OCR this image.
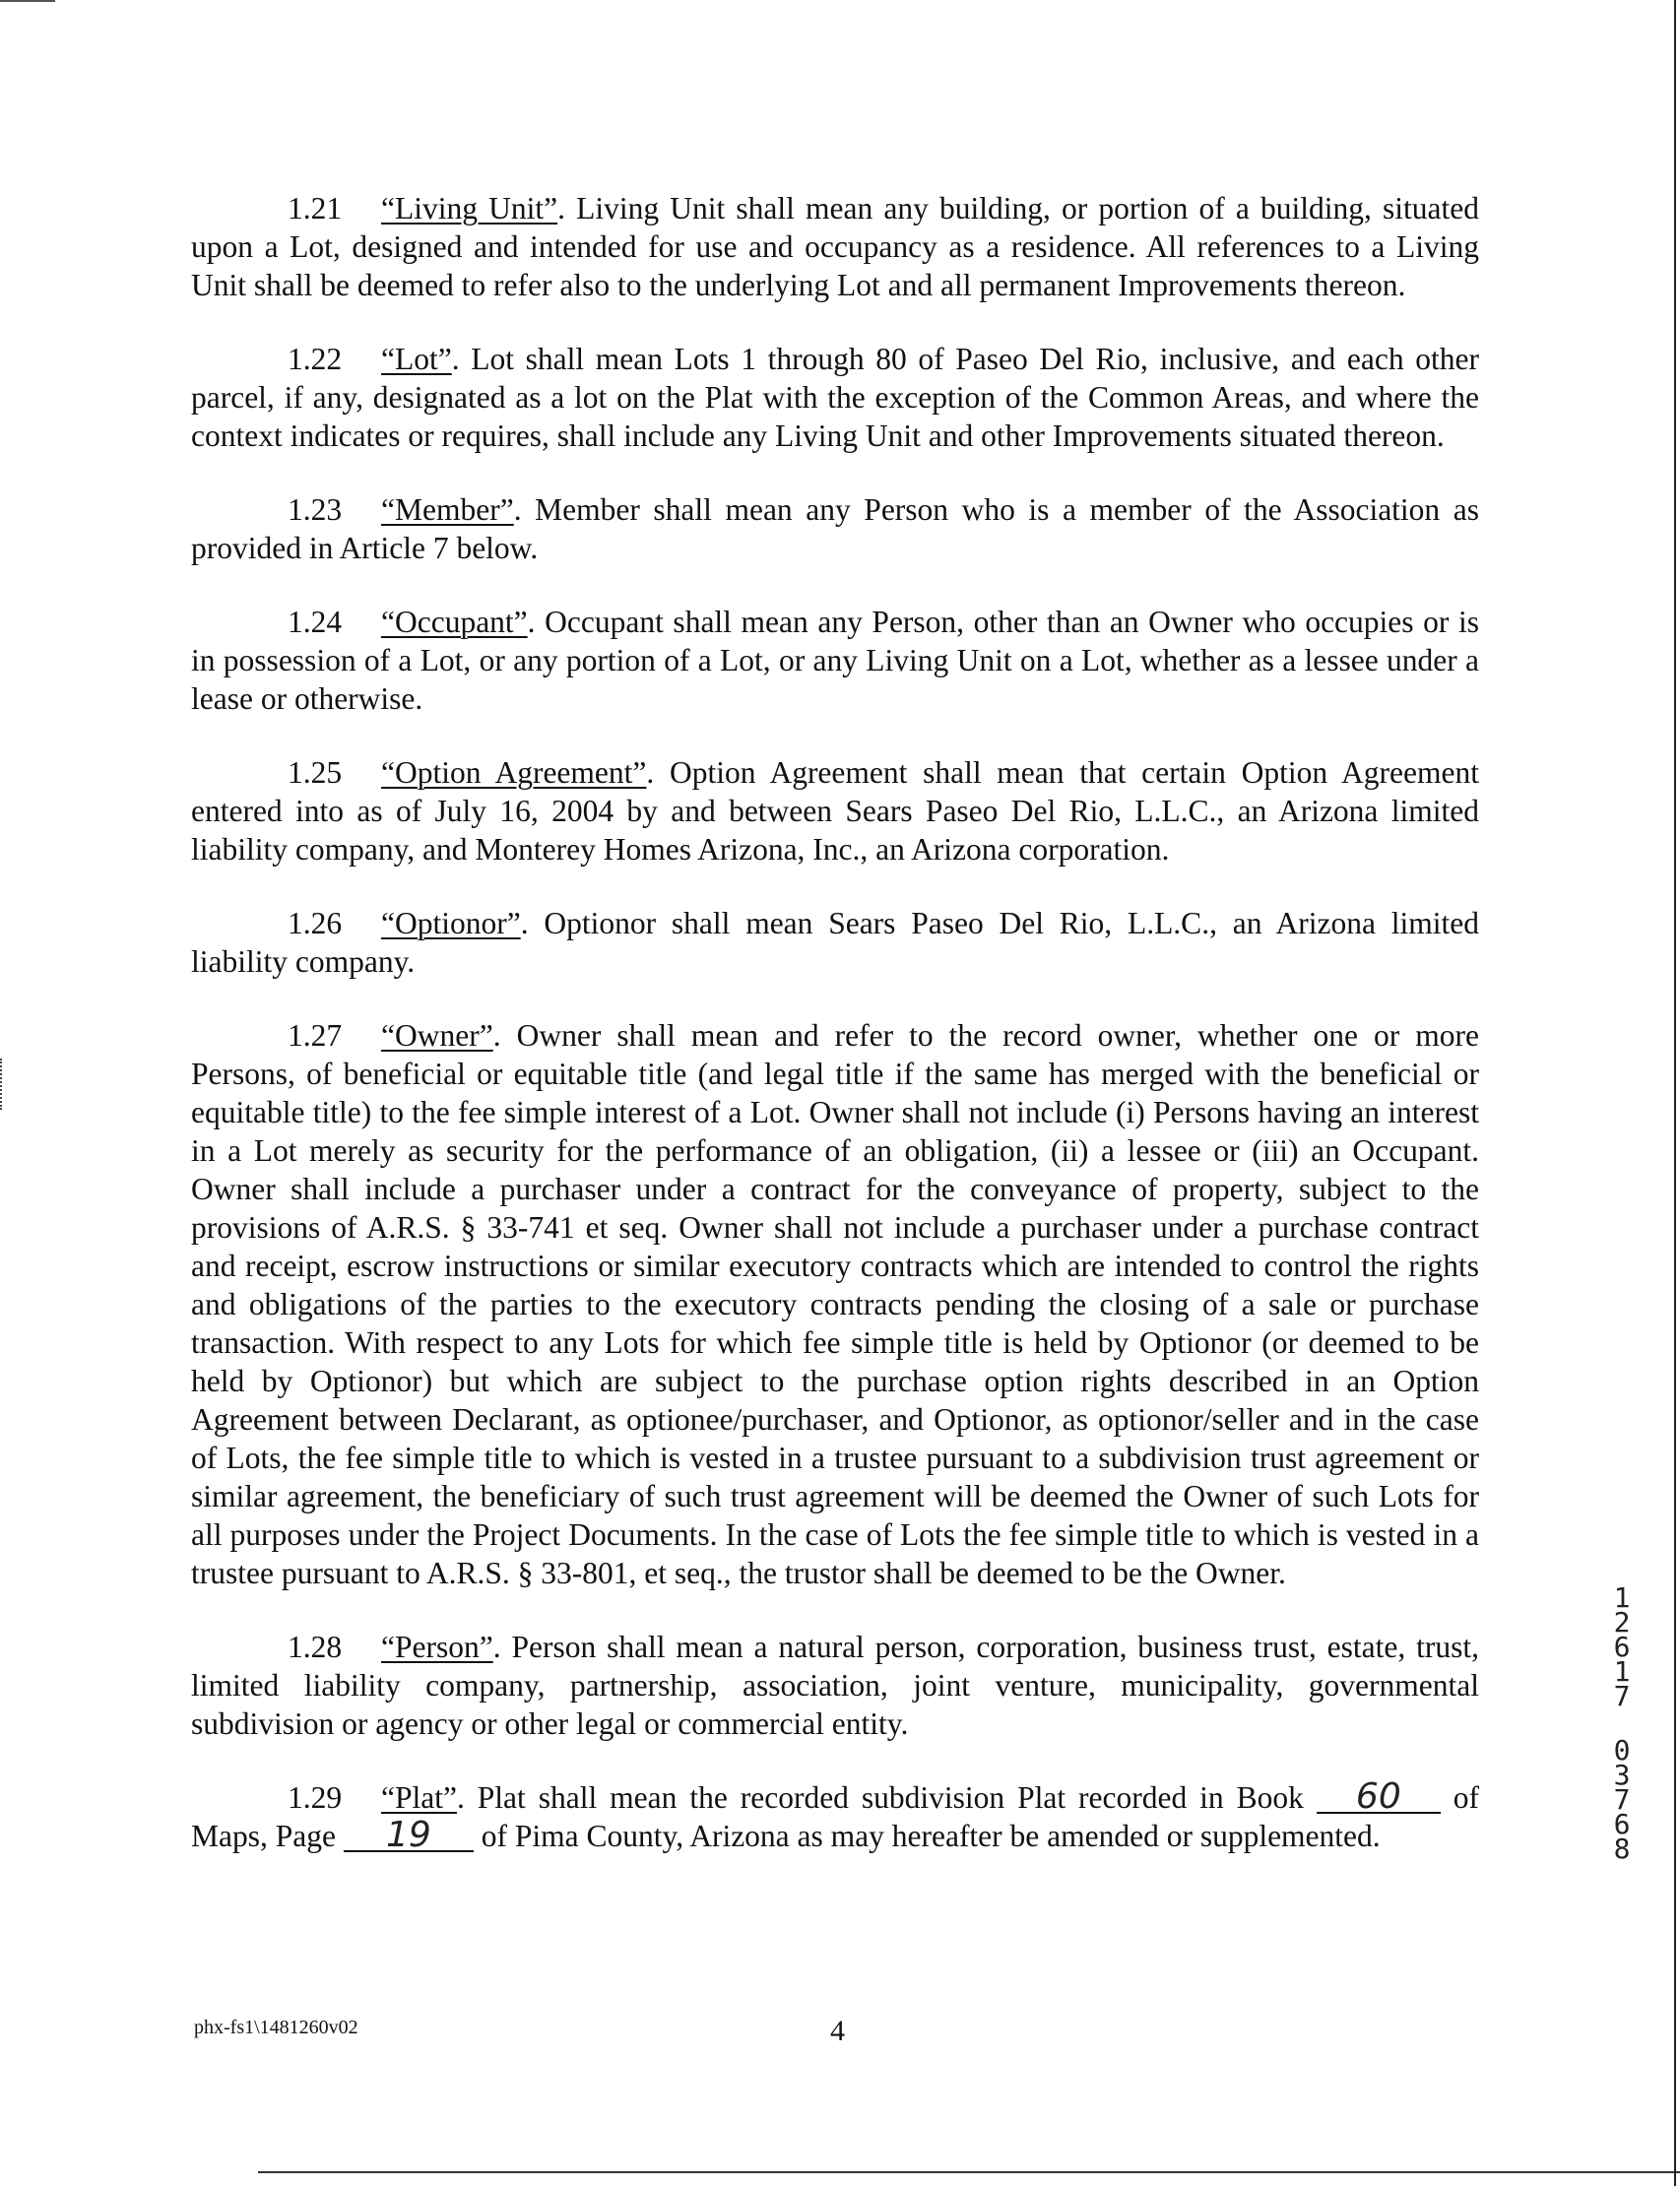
1.21 “Living Unit”. Living Unit shall mean any building, or portion of a building, situated upon a Lot, designed and intended for use and occupancy as a residence. All references to a Living Unit shall be deemed to refer also to the underlying Lot and all permanent Improvements thereon.

1.22 “Lot”. Lot shall mean Lots 1 through 80 of Paseo Del Rio, inclusive, and each other parcel, if any, designated as a lot on the Plat with the exception of the Common Areas, and where the context indicates or requires, shall include any Living Unit and other Improvements situated thereon.

1.23 “Member”. Member shall mean any Person who is a member of the Association as provided in Article 7 below.

1.24 “Occupant”. Occupant shall mean any Person, other than an Owner who occupies or is in possession of a Lot, or any portion of a Lot, or any Living Unit on a Lot, whether as a lessee under a lease or otherwise.

1.25 “Option Agreement”. Option Agreement shall mean that certain Option Agreement entered into as of July 16, 2004 by and between Sears Paseo Del Rio, L.L.C., an Arizona limited liability company, and Monterey Homes Arizona, Inc., an Arizona corporation.

1.26 “Optionor”. Optionor shall mean Sears Paseo Del Rio, L.L.C., an Arizona limited liability company.

1.27 “Owner”. Owner shall mean and refer to the record owner, whether one or more Persons, of beneficial or equitable title (and legal title if the same has merged with the beneficial or equitable title) to the fee simple interest of a Lot. Owner shall not include (i) Persons having an interest in a Lot merely as security for the performance of an obligation, (ii) a lessee or (iii) an Occupant. Owner shall include a purchaser under a contract for the conveyance of property, subject to the provisions of A.R.S. § 33-741 et seq. Owner shall not include a purchaser under a purchase contract and receipt, escrow instructions or similar executory contracts which are intended to control the rights and obligations of the parties to the executory contracts pending the closing of a sale or purchase transaction. With respect to any Lots for which fee simple title is held by Optionor (or deemed to be held by Optionor) but which are subject to the purchase option rights described in an Option Agreement between Declarant, as optionee/purchaser, and Optionor, as optionor/seller and in the case of Lots, the fee simple title to which is vested in a trustee pursuant to a subdivision trust agreement or similar agreement, the beneficiary of such trust agreement will be deemed the Owner of such Lots for all purposes under the Project Documents. In the case of Lots the fee simple title to which is vested in a trustee pursuant to A.R.S. § 33-801, et seq., the trustor shall be deemed to be the Owner.

1.28 “Person”. Person shall mean a natural person, corporation, business trust, estate, trust, limited liability company, partnership, association, joint venture, municipality, governmental subdivision or agency or other legal or commercial entity.

1.29 “Plat”. Plat shall mean the recorded subdivision Plat recorded in Book 60 of Maps, Page 19 of Pima County, Arizona as may hereafter be amended or supplemented.

phx-fs1\1481260v02	4
1
2
6
1
7
0
3
7
6
8
